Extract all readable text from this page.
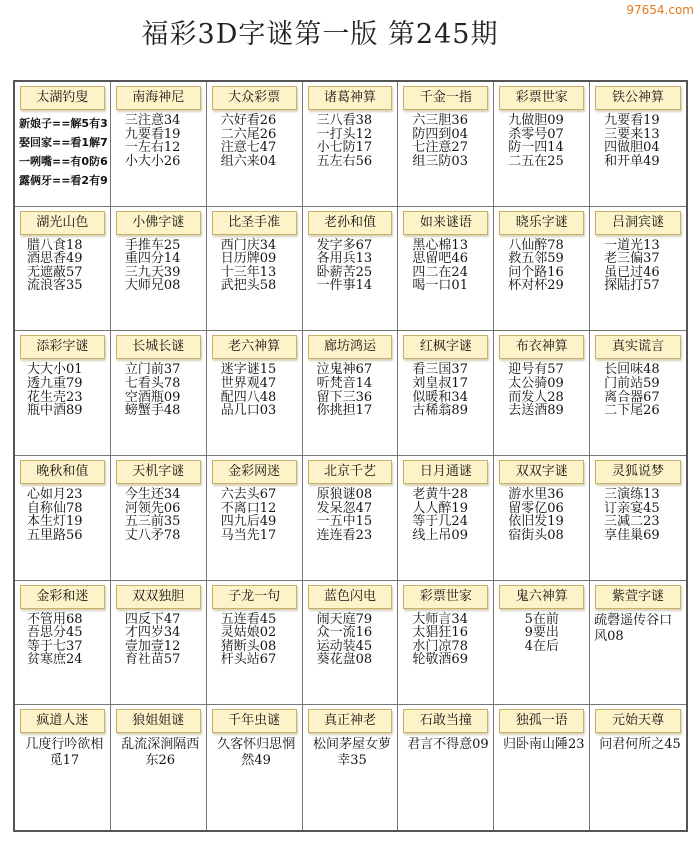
97654.com
福彩3D字谜第一版 第245期
太湖钓叟
新娘子==解5有3
娶回家==看1解7
一咧嘴==有0防6
露俩牙==看2有9
南海神尼
三注意34
九要看19
一左右12
小大小26
大众彩票
六好看26
二六尾26
注意七47
组六来04
诸葛神算
三八看38
一打头12
小七防17
五左右56
千金一指
六三胆36
防四到04
七注意27
组三防03
彩票世家
九做胆09
杀零号07
防一四14
二五在25
铁公神算
九要看19
三要来13
四做胆04
和开单49
湖光山色
腊八食18
酒思香49
无遮蔽57
流浪客35
小佛字谜
手推车25
重四分14
三九天39
大师兄08
比圣手准
西门庆34
日历牌09
十三年13
武把头58
老孙和值
发字多67
各用兵13
卧薪苦25
一件事14
如来谜语
黑心棉13
思留吧46
四二在24
喝一口01
晓乐字谜
八仙醉78
救五邻59
问个路16
杯对杯29
吕洞宾谜
一道光13
老三偏37
虽已过46
探陆打57
添彩字谜
大大小01
透九重79
花生壳23
瓶中酒89
长城长谜
立门前37
七看头78
空酒瓶09
螃蟹手48
老六神算
迷字谜15
世界观47
配四八48
品几口03
廊坊鸿运
泣鬼神67
听梵音14
留下三36
你挑担17
红枫字谜
看三国37
刘皇叔17
似暖和34
古稀翁89
布衣神算
迎号有57
太公骑09
而发人28
去送酒89
真实谎言
长回味48
门前站59
离合器67
二下尾26
晚秋和值
心如月23
自称仙78
本生灯19
五里路56
天机字谜
今生还34
河领先06
五三前35
丈八矛78
金彩网迷
六去头67
不离口12
四九后49
马当先17
北京千艺
原狼谜08
发呆忽47
一五中15
连连看23
日月通谜
老黄牛28
人人醉19
等于几24
线上吊09
双双字谜
游水里36
留零亿06
依旧发19
宿街头08
灵狐说梦
三演练13
订亲宴45
三减二23
享佳巢69
金彩和迷
不管用68
吾思分45
等于七37
贫寒庶24
双双独胆
四反下47
才四岁34
壹加壹12
育社苗57
子龙一句
五连看45
灵姑娘02
猪断头08
杆头站67
蓝色闪电
闹天庭79
众一流16
运动装45
葵花盘08
彩票世家
大师言34
太猖狂16
水门凉78
轮敬酒69
鬼六神算
5在前
9要出
4在后
紫萱字谜
疏磬遥传谷口风08
疯道人迷
几度行吟欲相觅17
狼姐姐谜
乱流深涧隔西东26
千年虫谜
久客怀归思惘然49
真正神老
松间茅屋女萝幸35
石敢当撞
君言不得意09
独孤一语
归卧南山陲23
元始天尊
问君何所之45
